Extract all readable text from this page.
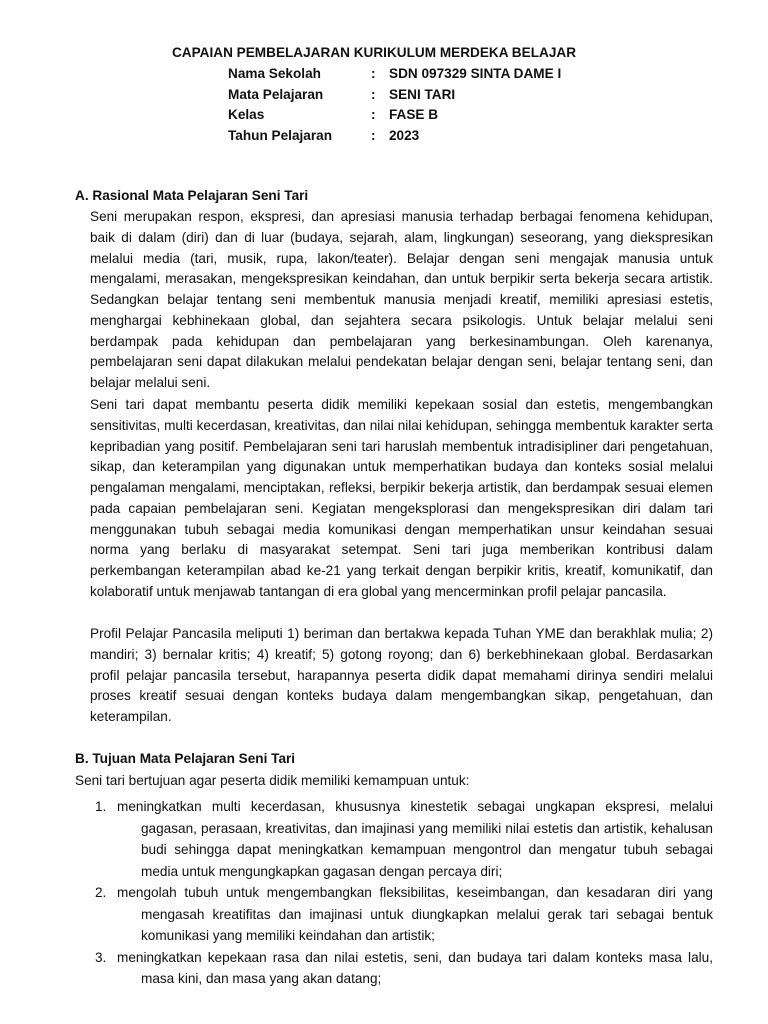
CAPAIAN PEMBELAJARAN KURIKULUM MERDEKA BELAJAR
Nama Sekolah	: SDN 097329 SINTA DAME I
Mata Pelajaran	: SENI TARI
Kelas	: FASE B
Tahun Pelajaran	: 2023
A. Rasional Mata Pelajaran Seni Tari

Seni merupakan respon, ekspresi, dan apresiasi manusia terhadap berbagai fenomena kehidupan, baik di dalam (diri) dan di luar (budaya, sejarah, alam, lingkungan) seseorang, yang diekspresikan melalui media (tari, musik, rupa, lakon/teater). Belajar dengan seni mengajak manusia untuk mengalami, merasakan, mengekspresikan keindahan, dan untuk berpikir serta bekerja secara artistik. Sedangkan belajar tentang seni membentuk manusia menjadi kreatif, memiliki apresiasi estetis, menghargai kebhinekaan global, dan sejahtera secara psikologis. Untuk belajar melalui seni berdampak pada kehidupan dan pembelajaran yang berkesinambungan. Oleh karenanya, pembelajaran seni dapat dilakukan melalui pendekatan belajar dengan seni, belajar tentang seni, dan belajar melalui seni.

Seni tari dapat membantu peserta didik memiliki kepekaan sosial dan estetis, mengembangkan sensitivitas, multi kecerdasan, kreativitas, dan nilai nilai kehidupan, sehingga membentuk karakter serta kepribadian yang positif. Pembelajaran seni tari haruslah membentuk intradisipliner dari pengetahuan, sikap, dan keterampilan yang digunakan untuk memperhatikan budaya dan konteks sosial melalui pengalaman mengalami, menciptakan, refleksi, berpikir bekerja artistik, dan berdampak sesuai elemen pada capaian pembelajaran seni. Kegiatan mengeksplorasi dan mengekspresikan diri dalam tari menggunakan tubuh sebagai media komunikasi dengan memperhatikan unsur keindahan sesuai norma yang berlaku di masyarakat setempat. Seni tari juga memberikan kontribusi dalam perkembangan keterampilan abad ke-21 yang terkait dengan berpikir kritis, kreatif, komunikatif, dan kolaboratif untuk menjawab tantangan di era global yang mencerminkan profil pelajar pancasila.

Profil Pelajar Pancasila meliputi 1) beriman dan bertakwa kepada Tuhan YME dan berakhlak mulia; 2) mandiri; 3) bernalar kritis; 4) kreatif; 5) gotong royong; dan 6) berkebhinekaan global. Berdasarkan profil pelajar pancasila tersebut, harapannya peserta didik dapat memahami dirinya sendiri melalui proses kreatif sesuai dengan konteks budaya dalam mengembangkan sikap, pengetahuan, dan keterampilan.

B. Tujuan Mata Pelajaran Seni Tari

Seni tari bertujuan agar peserta didik memiliki kemampuan untuk:

1. meningkatkan multi kecerdasan, khususnya kinestetik sebagai ungkapan ekspresi, melalui
gagasan, perasaan, kreativitas, dan imajinasi yang memiliki nilai estetis dan artistik, kehalusan budi sehingga dapat meningkatkan kemampuan mengontrol dan mengatur tubuh sebagai media untuk mengungkapkan gagasan dengan percaya diri;
2. mengolah tubuh untuk mengembangkan fleksibilitas, keseimbangan, dan kesadaran diri yang
mengasah kreatifitas dan imajinasi untuk diungkapkan melalui gerak tari sebagai bentuk komunikasi yang memiliki keindahan dan artistik;
3. meningkatkan kepekaan rasa dan nilai estetis, seni, dan budaya tari dalam konteks masa lalu,
masa kini, dan masa yang akan datang;
